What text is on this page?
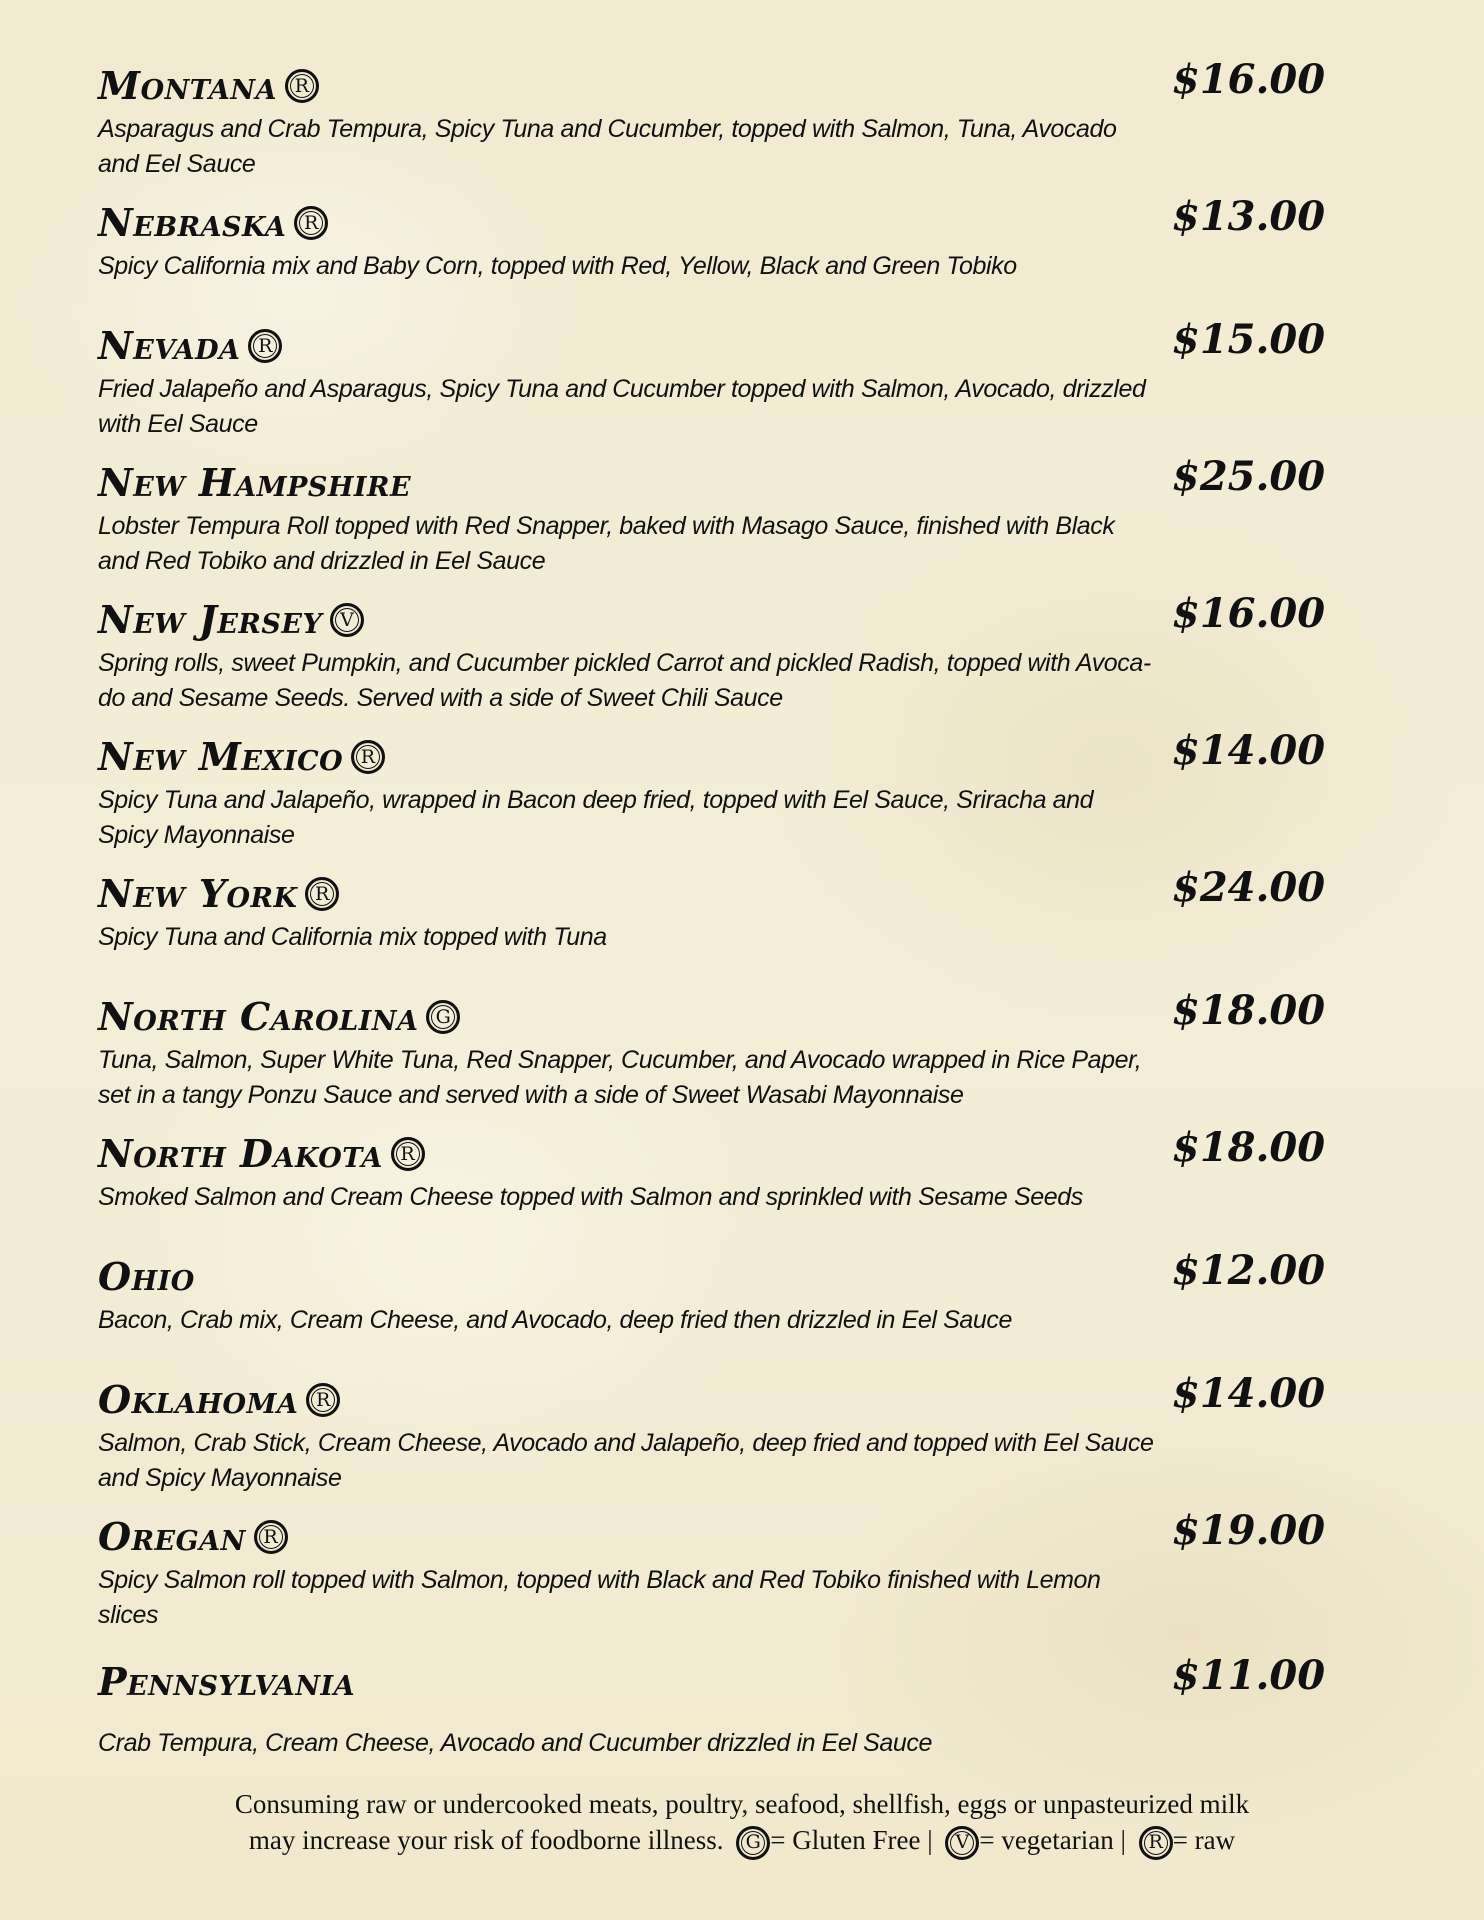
Montana R	$16.00
Asparagus and Crab Tempura, Spicy Tuna and Cucumber, topped with Salmon, Tuna, Avocado and Eel Sauce
Nebraska R	$13.00
Spicy California mix and Baby Corn, topped with Red, Yellow, Black and Green Tobiko
Nevada R	$15.00
Fried Jalapeño and Asparagus, Spicy Tuna and Cucumber topped with Salmon, Avocado, drizzled with Eel Sauce
New Hampshire	$25.00
Lobster Tempura Roll topped with Red Snapper, baked with Masago Sauce, finished with Black and Red Tobiko and drizzled in Eel Sauce
New Jersey V	$16.00
Spring rolls, sweet Pumpkin, and Cucumber pickled Carrot and pickled Radish, topped with Avoca-do and Sesame Seeds. Served with a side of Sweet Chili Sauce
New Mexico R	$14.00
Spicy Tuna and Jalapeño, wrapped in Bacon deep fried, topped with Eel Sauce, Sriracha and Spicy Mayonnaise
New York R	$24.00
Spicy Tuna and California mix topped with Tuna
North Carolina G	$18.00
Tuna, Salmon, Super White Tuna, Red Snapper, Cucumber, and Avocado wrapped in Rice Paper, set in a tangy Ponzu Sauce and served with a side of Sweet Wasabi Mayonnaise
North Dakota R	$18.00
Smoked Salmon and Cream Cheese topped with Salmon and sprinkled with Sesame Seeds
Ohio	$12.00
Bacon, Crab mix, Cream Cheese, and Avocado, deep fried then drizzled in Eel Sauce
Oklahoma R	$14.00
Salmon, Crab Stick, Cream Cheese, Avocado and Jalapeño, deep fried and topped with Eel Sauce and Spicy Mayonnaise
Oregan R	$19.00
Spicy Salmon roll topped with Salmon, topped with Black and Red Tobiko finished with Lemon slices
Pennsylvania	$11.00
Crab Tempura, Cream Cheese, Avocado and Cucumber drizzled in Eel Sauce
Consuming raw or undercooked meats, poultry, seafood, shellfish, eggs or unpasteurized milk
may increase your risk of foodborne illness. G = Gluten Free | V = vegetarian | R = raw
